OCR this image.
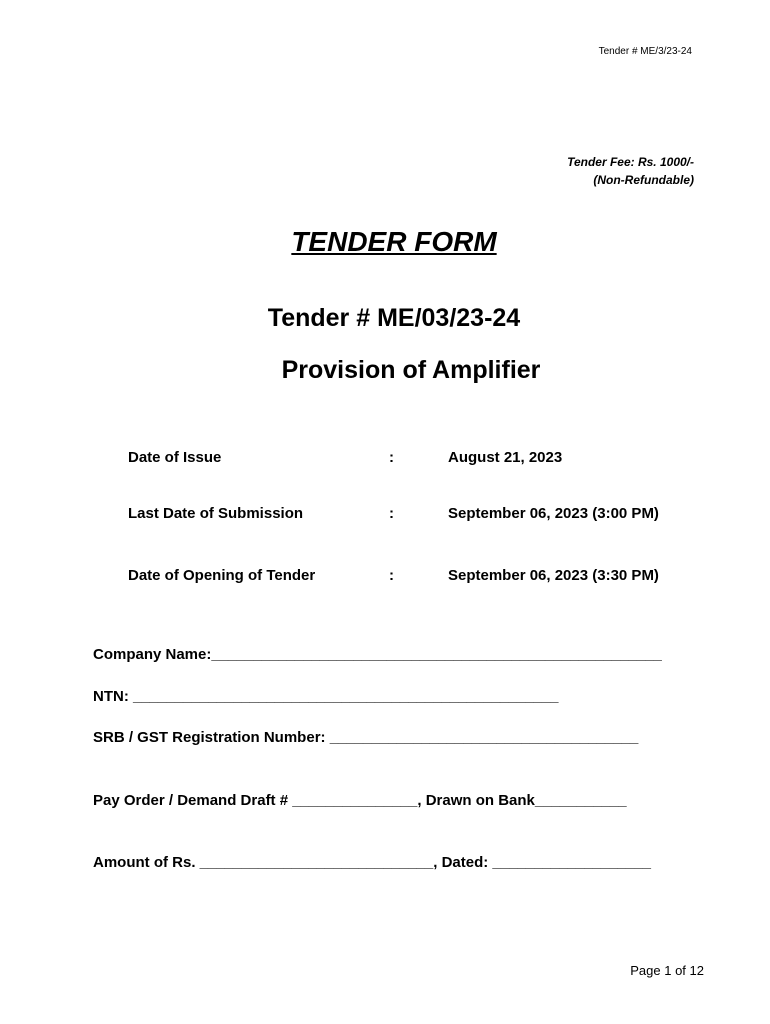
Tender # ME/3/23-24
Tender Fee: Rs. 1000/-
(Non-Refundable)
TENDER FORM
Tender # ME/03/23-24
Provision of Amplifier
Date of Issue	:	August 21, 2023
Last Date of Submission	:	September 06, 2023 (3:00 PM)
Date of Opening of Tender	:	September 06, 2023 (3:30 PM)
Company Name:______________________________________________________
NTN: ___________________________________________________
SRB / GST Registration Number: _____________________________________
Pay Order / Demand Draft # _______________, Drawn on Bank___________
Amount of Rs. ____________________________, Dated: ___________________
Page 1 of 12
